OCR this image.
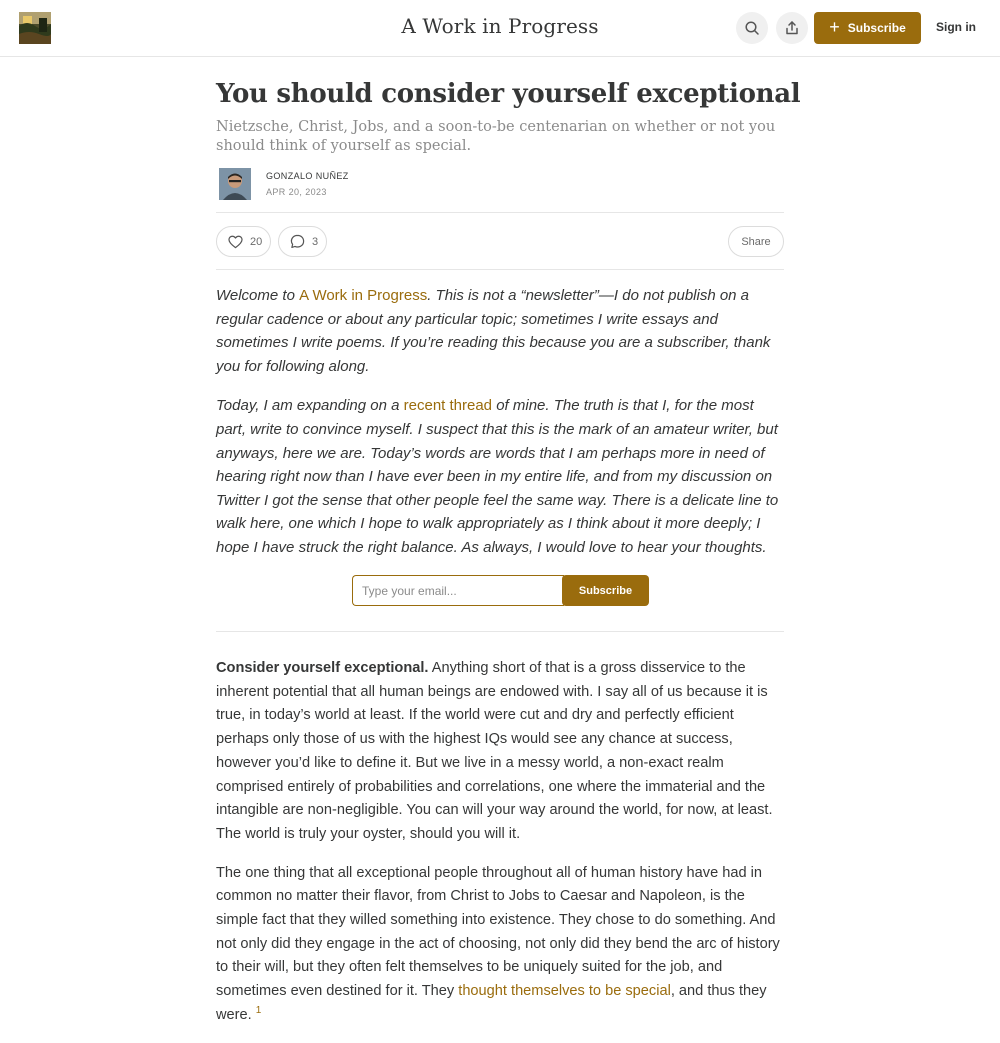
A Work in Progress	+ Subscribe	Sign in
You should consider yourself exceptional
Nietzsche, Christ, Jobs, and a soon-to-be centenarian on whether or not you should think of yourself as special.
GONZALO NUÑEZ
APR 20, 2023
20	3	Share

Welcome to A Work in Progress. This is not a “newsletter”—I do not publish on a regular cadence or about any particular topic; sometimes I write essays and sometimes I write poems. If you’re reading this because you are a subscriber, thank you for following along.

Today, I am expanding on a recent thread of mine. The truth is that I, for the most part, write to convince myself. I suspect that this is the mark of an amateur writer, but anyways, here we are. Today’s words are words that I am perhaps more in need of hearing right now than I have ever been in my entire life, and from my discussion on Twitter I got the sense that other people feel the same way. There is a delicate line to walk here, one which I hope to walk appropriately as I think about it more deeply; I hope I have struck the right balance. As always, I would love to hear your thoughts.

Type your email...
Subscribe

Consider yourself exceptional. Anything short of that is a gross disservice to the inherent potential that all human beings are endowed with. I say all of us because it is true, in today’s world at least. If the world were cut and dry and perfectly efficient perhaps only those of us with the highest IQs would see any chance at success, however you’d like to define it. But we live in a messy world, a non-exact realm comprised entirely of probabilities and correlations, one where the immaterial and the intangible are non-negligible. You can will your way around the world, for now, at least. The world is truly your oyster, should you will it.

The one thing that all exceptional people throughout all of human history have had in common no matter their flavor, from Christ to Jobs to Caesar and Napoleon, is the simple fact that they willed something into existence. They chose to do something. And not only did they engage in the act of choosing, not only did they bend the arc of history to their will, but they often felt themselves to be uniquely suited for the job, and sometimes even destined for it. They thought themselves to be special, and thus they were. $^1$
